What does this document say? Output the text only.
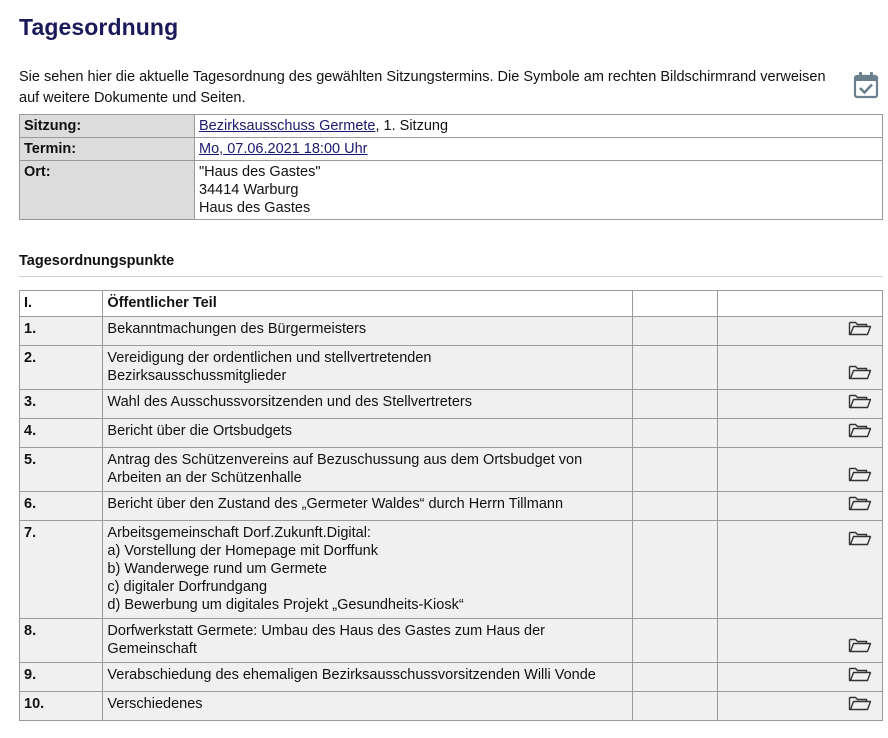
Tagesordnung
Sie sehen hier die aktuelle Tagesordnung des gewählten Sitzungstermins. Die Symbole am rechten Bildschirmrand verweisen auf weitere Dokumente und Seiten.
Sitzung:	Bezirksausschuss Germete, 1. Sitzung
Termin:	Mo, 07.06.2021 18:00 Uhr
Ort:	"Haus des Gastes"
34414 Warburg
Haus des Gastes
Tagesordnungspunkte
I.	Öffentlicher Teil		
1.	Bekanntmachungen des Bürgermeisters

2.	Vereidigung der ordentlichen und stellvertretenden
Bezirksausschussmitglieder

3.	Wahl des Ausschussvorsitzenden und des Stellvertreters

4.	Bericht über die Ortsbudgets

5.	Antrag des Schützenvereins auf Bezuschussung aus dem Ortsbudget von
Arbeiten an der Schützenhalle

6.	Bericht über den Zustand des „Germeter Waldes“ durch Herrn Tillmann

7.	Arbeitsgemeinschaft Dorf.Zukunft.Digital:
a) Vorstellung der Homepage mit Dorffunk
b) Wanderwege rund um Germete
c) digitaler Dorfrundgang
d) Bewerbung um digitales Projekt „Gesundheits-Kiosk“

8.	Dorfwerkstatt Germete: Umbau des Haus des Gastes zum Haus der
Gemeinschaft

9.	Verabschiedung des ehemaligen Bezirksausschussvorsitzenden Willi Vonde

10.	Verschiedenes
